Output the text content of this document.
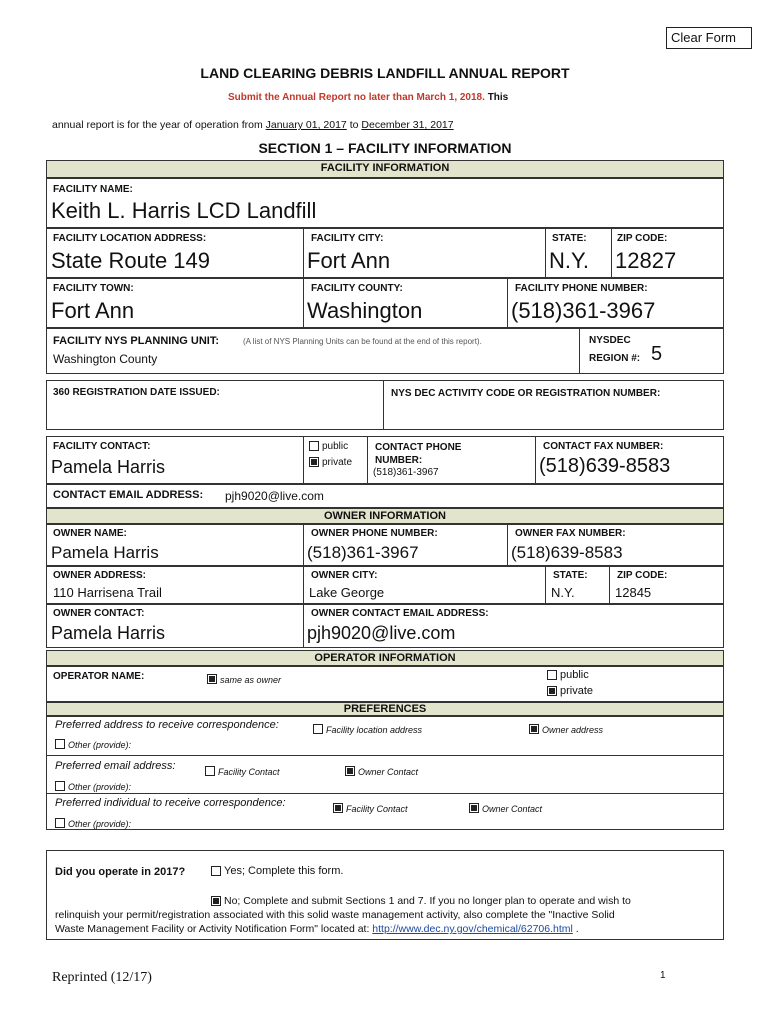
Clear Form
LAND CLEARING DEBRIS LANDFILL ANNUAL REPORT
Submit the Annual Report no later than March 1, 2018. This
annual report is for the year of operation from January 01, 2017 to December 31, 2017
SECTION 1 – FACILITY INFORMATION
FACILITY INFORMATION
FACILITY NAME:
Keith L. Harris LCD Landfill
FACILITY LOCATION ADDRESS:
State Route 149
FACILITY CITY:
Fort Ann
STATE:
N.Y.
ZIP CODE:
12827
FACILITY TOWN:
Fort Ann
FACILITY COUNTY:
Washington
FACILITY PHONE NUMBER:
(518)361-3967
FACILITY NYS PLANNING UNIT:	(A list of NYS Planning Units can be found at the end of this report).
Washington County
NYSDEC
REGION #: 5
360 REGISTRATION DATE ISSUED:	NYS DEC ACTIVITY CODE OR REGISTRATION NUMBER:
FACILITY CONTACT:
Pamela Harris
public
private
CONTACT PHONE NUMBER:
(518)361-3967
CONTACT FAX NUMBER:
(518)639-8583
CONTACT EMAIL ADDRESS: pjh9020@live.com
OWNER INFORMATION
OWNER NAME:
Pamela Harris
OWNER PHONE NUMBER:
(518)361-3967
OWNER FAX NUMBER:
(518)639-8583
OWNER ADDRESS:
110 Harrisena Trail
OWNER CITY:
Lake George
STATE:
N.Y.
ZIP CODE:
12845
OWNER CONTACT:
Pamela Harris
OWNER CONTACT EMAIL ADDRESS:
pjh9020@live.com
OPERATOR INFORMATION
OPERATOR NAME:	same as owner	public
private
PREFERENCES
Preferred address to receive correspondence:	Facility location address	Owner address
Other (provide):
Preferred email address:	Facility Contact	Owner Contact
Other (provide):
Preferred individual to receive correspondence:	Facility Contact	Owner Contact
Other (provide):
Did you operate in 2017?	Yes; Complete this form.
No; Complete and submit Sections 1 and 7. If you no longer plan to operate and wish to
relinquish your permit/registration associated with this solid waste management activity, also complete the "Inactive Solid
Waste Management Facility or Activity Notification Form" located at: http://www.dec.ny.gov/chemical/62706.html .
Reprinted (12/17)	1
